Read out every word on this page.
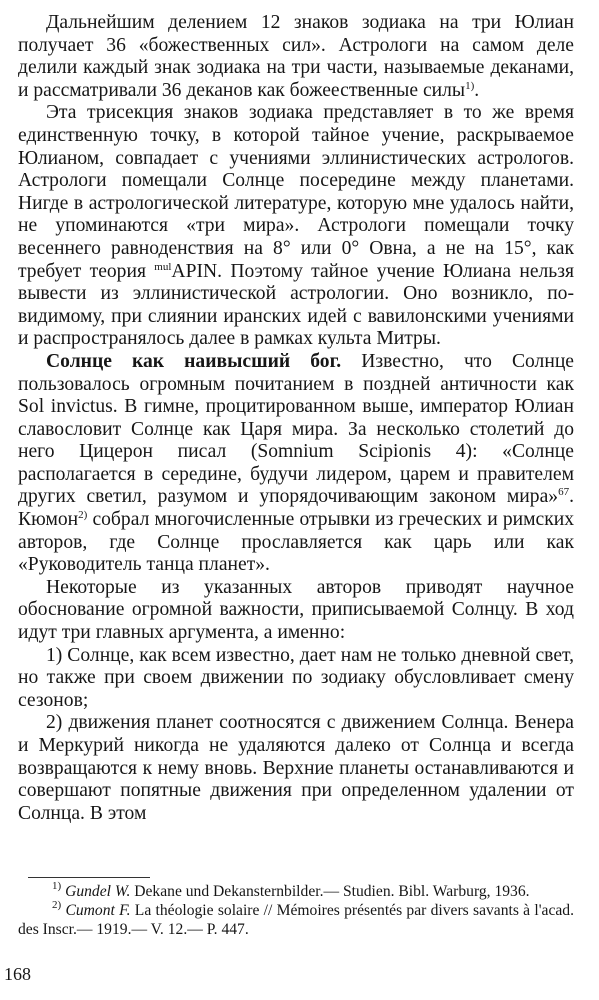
Дальнейшим делением 12 знаков зодиака на три Юлиан получает 36 «божественных сил». Астрологи на самом деле делили каждый знак зодиака на три части, называемые деканами, и рассматривали 36 деканов как божеественные силы$^{1)}$.

Эта трисекция знаков зодиака представляет в то же время единственную точку, в которой тайное учение, раскрываемое Юлианом, совпадает с учениями эллинистических астрологов. Астрологи помещали Солнце посередине между планетами. Нигде в астрологической литературе, которую мне удалось найти, не упоминаются «три мира». Астрологи помещали точку весеннего равноденствия на 8° или 0° Овна, а не на 15°, как требует теория $^{mul}$APIN. Поэтому тайное учение Юлиана нельзя вывести из эллинистической астрологии. Оно возникло, по-видимому, при слиянии иранских идей с вавилонскими учениями и распространялось далее в рамках культа Митры.

Солнце как наивысший бог. Известно, что Солнце пользовалось огромным почитанием в поздней античности как Sol invictus. В гимне, процитированном выше, император Юлиан славословит Солнце как Царя мира. За несколько столетий до него Цицерон писал (Somnium Scipionis 4): «Солнце располагается в середине, будучи лидером, царем и правителем других светил, разумом и упорядочивающим законом мира»$^{67}$. Кюмон$^{2)}$ собрал многочисленные отрывки из греческих и римских авторов, где Солнце прославляется как царь или как «Руководитель танца планет».

Некоторые из указанных авторов приводят научное обоснование огромной важности, приписываемой Солнцу. В ход идут три главных аргумента, а именно:

1) Солнце, как всем известно, дает нам не только дневной свет, но также при своем движении по зодиаку обусловливает смену сезонов;

2) движения планет соотносятся с движением Солнца. Венера и Меркурий никогда не удаляются далеко от Солнца и всегда возвращаются к нему вновь. Верхние планеты останавливаются и совершают попятные движения при определенном удалении от Солнца. В этом

$^{1)}$ Gundel W. Dekane und Dekansternbilder.— Studien. Bibl. Warburg, 1936.

$^{2)}$ Cumont F. La théologie solaire // Mémoires présentés par divers savants à l'acad. des Inscr.— 1919.— V. 12.— P. 447.

168
